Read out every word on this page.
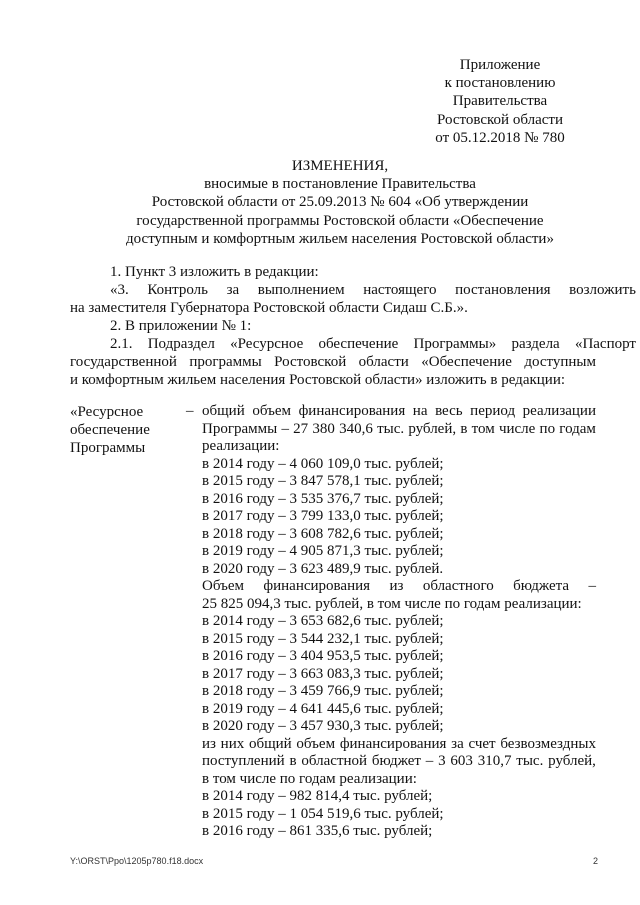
Приложение
к постановлению
Правительства
Ростовской области
от 05.12.2018 № 780
ИЗМЕНЕНИЯ,
вносимые в постановление Правительства
Ростовской области от 25.09.2013 № 604 «Об утверждении
государственной программы Ростовской области «Обеспечение
доступным и комфортным жильем населения Ростовской области»
1. Пункт 3 изложить в редакции:
«3. Контроль за выполнением настоящего постановления возложить
на заместителя Губернатора Ростовской области Сидаш С.Б.».
2. В приложении № 1:
2.1. Подраздел «Ресурсное обеспечение Программы» раздела «Паспорт
государственной программы Ростовской области «Обеспечение доступным
и комфортным жильем населения Ростовской области» изложить в редакции:
«Ресурсное
обеспечение
Программы
– общий объем финансирования на весь период реализации
Программы – 27 380 340,6 тыс. рублей, в том числе по годам
реализации:
в 2014 году – 4 060 109,0 тыс. рублей;
в 2015 году – 3 847 578,1 тыс. рублей;
в 2016 году – 3 535 376,7 тыс. рублей;
в 2017 году – 3 799 133,0 тыс. рублей;
в 2018 году – 3 608 782,6 тыс. рублей;
в 2019 году – 4 905 871,3 тыс. рублей;
в 2020 году – 3 623 489,9 тыс. рублей.
Объем финансирования из областного бюджета –
25 825 094,3 тыс. рублей, в том числе по годам реализации:
в 2014 году – 3 653 682,6 тыс. рублей;
в 2015 году – 3 544 232,1 тыс. рублей;
в 2016 году – 3 404 953,5 тыс. рублей;
в 2017 году – 3 663 083,3 тыс. рублей;
в 2018 году – 3 459 766,9 тыс. рублей;
в 2019 году – 4 641 445,6 тыс. рублей;
в 2020 году – 3 457 930,3 тыс. рублей;
из них общий объем финансирования за счет безвозмездных
поступлений в областной бюджет – 3 603 310,7 тыс. рублей,
в том числе по годам реализации:
в 2014 году – 982 814,4 тыс. рублей;
в 2015 году – 1 054 519,6 тыс. рублей;
в 2016 году – 861 335,6 тыс. рублей;
Y:\ORST\Ppo\1205p780.f18.docx	2
